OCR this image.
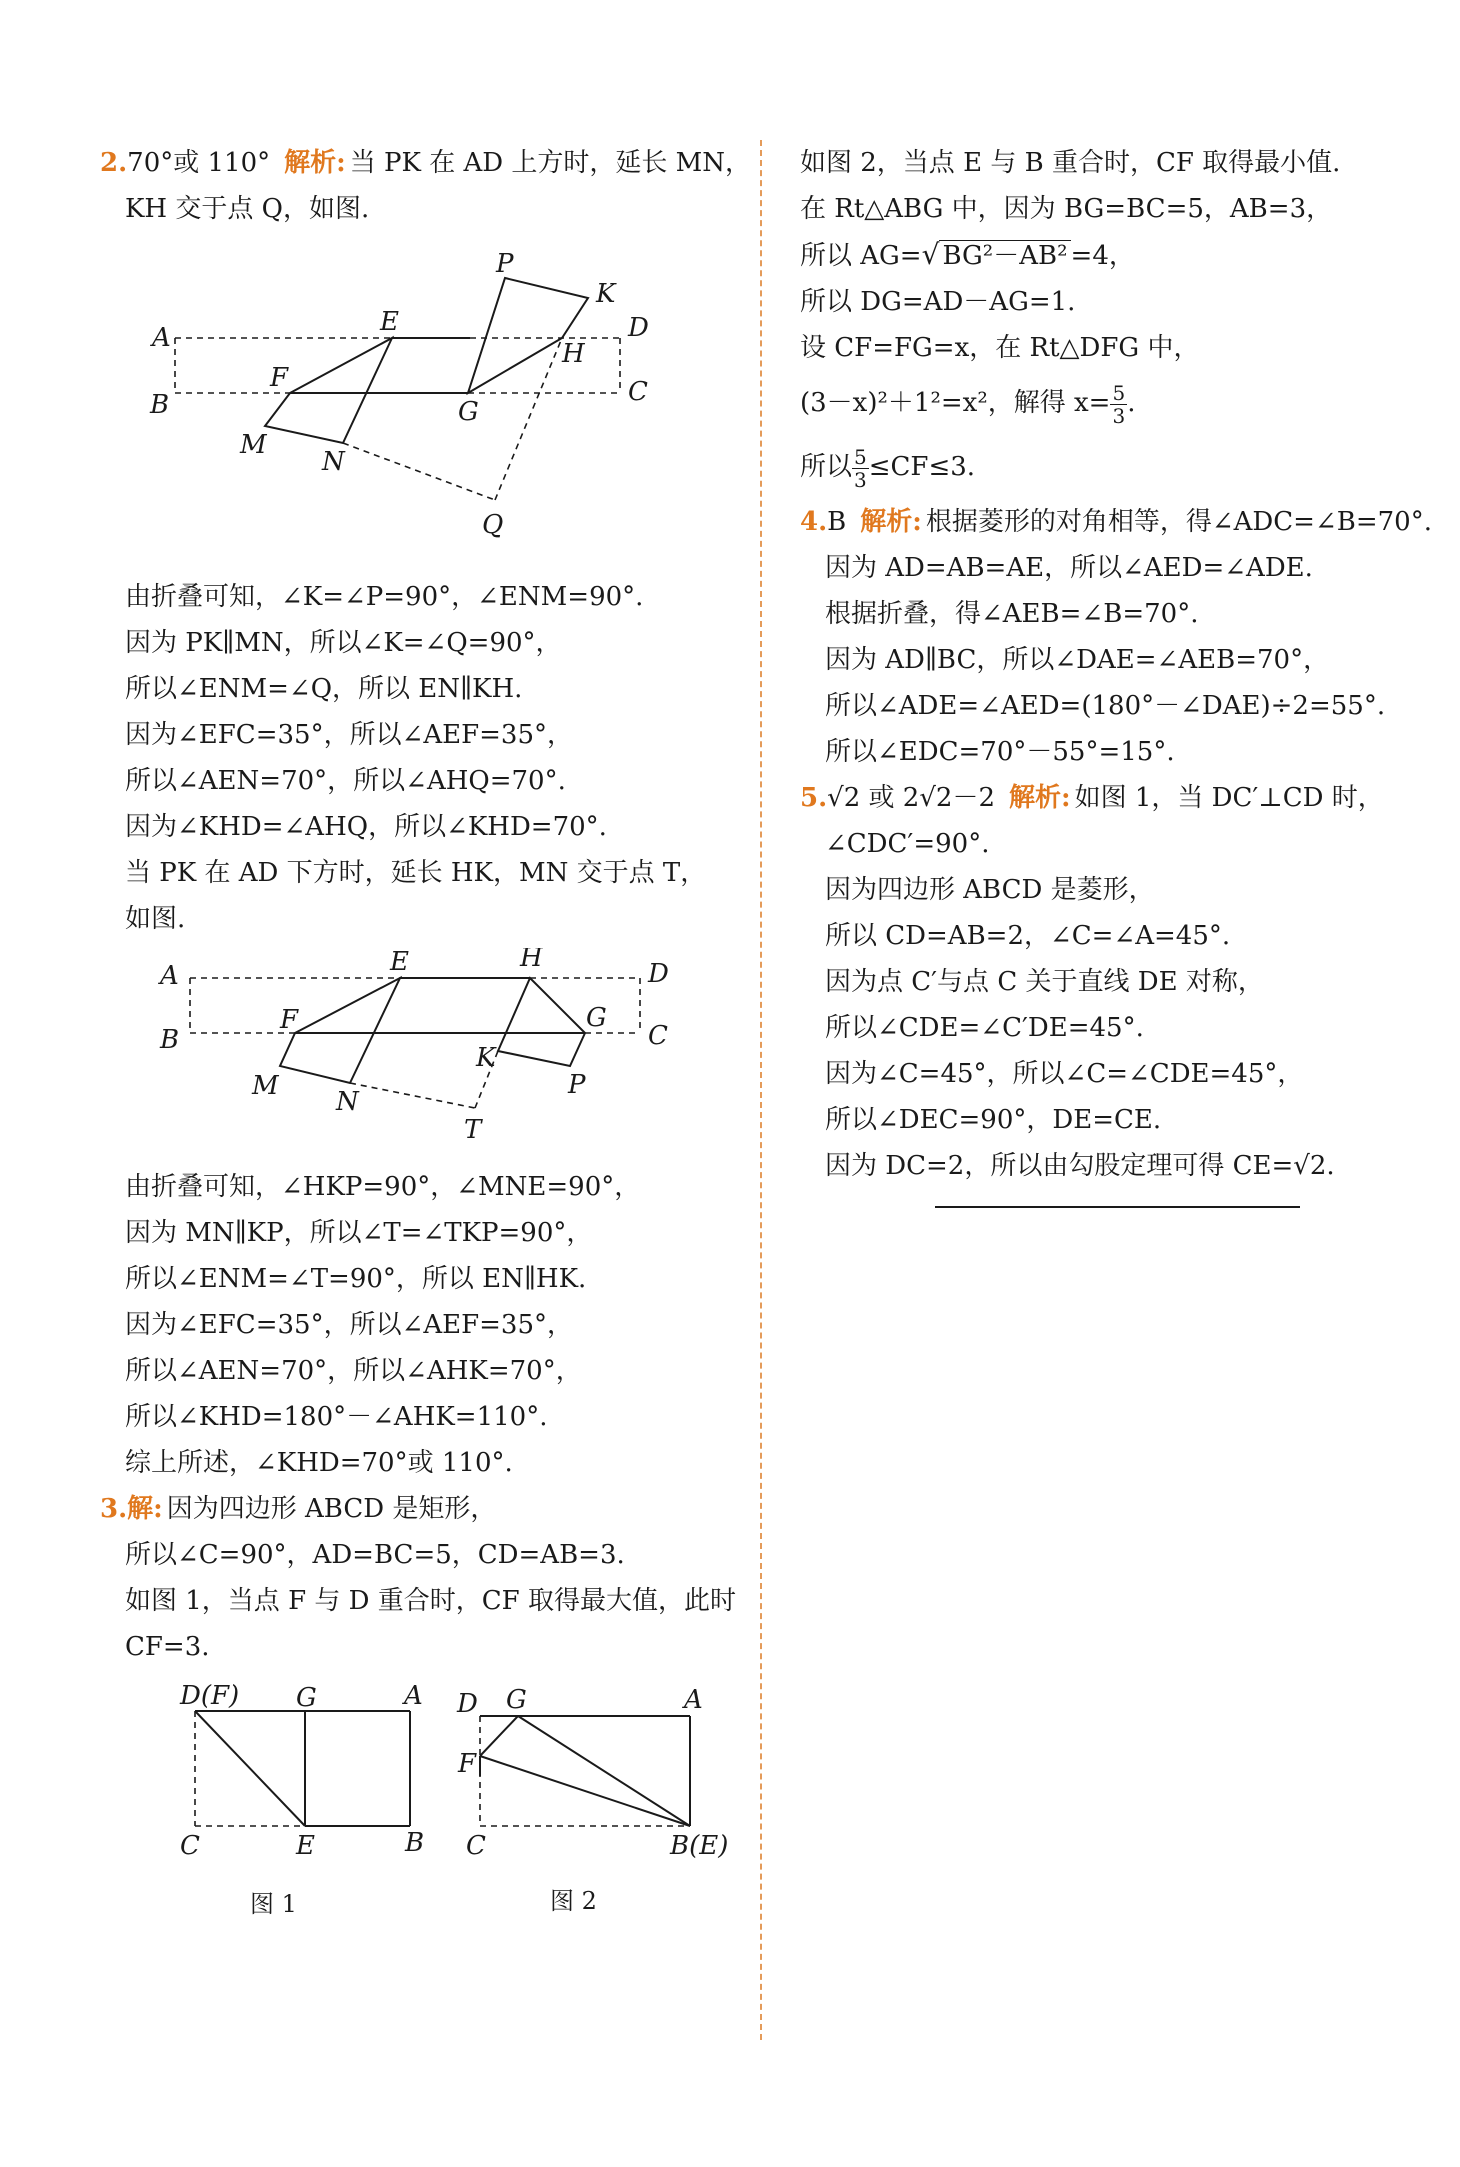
2.70°或 110° 解析: 当 PK 在 AD 上方时，延长 MN，
KH 交于点 Q，如图.
P
K
A
E	D
H
B
F
G
C
M
N
Q
由折叠可知，∠K=∠P=90°，∠ENM=90°.
因为 PK∥MN，所以∠K=∠Q=90°，
所以∠ENM=∠Q，所以 EN∥KH.
因为∠EFC=35°，所以∠AEF=35°，
所以∠AEN=70°，所以∠AHQ=70°.
因为∠KHD=∠AHQ，所以∠KHD=70°.
当 PK 在 AD 下方时，延长 HK，MN 交于点 T，
如图.
A	E	H
D
B
F	G
C
K
M
N
P
T
由折叠可知，∠HKP=90°，∠MNE=90°，
因为 MN∥KP，所以∠T=∠TKP=90°，
所以∠ENM=∠T=90°，所以 EN∥HK.
因为∠EFC=35°，所以∠AEF=35°，
所以∠AEN=70°，所以∠AHK=70°，
所以∠KHD=180°－∠AHK=110°.
综上所述，∠KHD=70°或 110°.
3.解: 因为四边形 ABCD 是矩形，
所以∠C=90°，AD=BC=5，CD=AB=3.
如图 1，当点 F 与 D 重合时，CF 取得最大值，此时
CF=3.
D(F) G	A
C	E	B
D G	A
F
C	B(E)
图 1	图 2
如图 2，当点 E 与 B 重合时，CF 取得最小值.
在 Rt△ABG 中，因为 BG=BC=5，AB=3，
所以 AG=√ BG²－AB² =4，
所以 DG=AD－AG=1.
设 CF=FG=x，在 Rt△DFG 中，
(3－x)²＋1²=x²，解得 $x= \frac{5}{3}$ .
所以 $\frac{5}{3} \le CF\le 3$.
4.B 解析: 根据菱形的对角相等，得∠ADC=∠B=70°.
因为 AD=AB=AE，所以∠AED=∠ADE.
根据折叠，得∠AEB=∠B=70°.
因为 AD∥BC，所以∠DAE=∠AEB=70°，
所以∠ADE=∠AED=(180°－∠DAE)÷2=55°.
所以∠EDC=70°－55°=15°.
5.√2 或 2√2－2 解析: 如图 1，当 DC′⊥CD 时，
∠CDC′=90°.
因为四边形 ABCD 是菱形，
所以 CD=AB=2，∠C=∠A=45°.
因为点 C′与点 C 关于直线 DE 对称，
所以∠CDE=∠C′DE=45°.
因为∠C=45°，所以∠C=∠CDE=45°，
所以∠DEC=90°，DE=CE.
因为 DC=2，所以由勾股定理可得 CE=√2.
